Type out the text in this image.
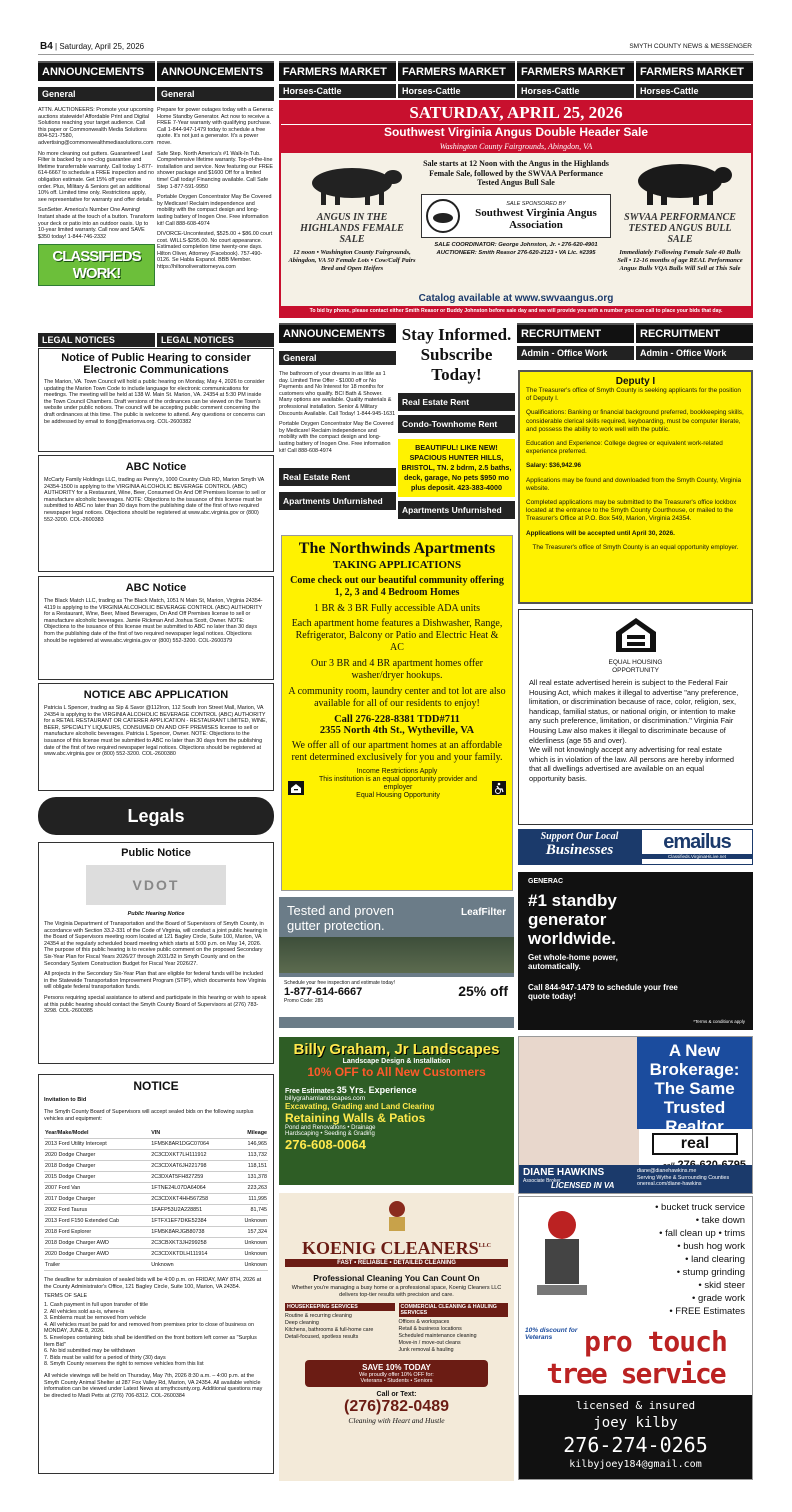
B4 | Saturday, April 25, 2026	SMYTH COUNTY NEWS & MESSENGER
ANNOUNCEMENTS
General

ATTN. AUCTIONEERS: Promote your upcoming auctions statewide! Affordable Print and Digital Solutions reaching your target audience. Call this paper or Commonwealth Media Solutions 804-521-7580, advertising@commonwealthmediasolutions.com

No more cleaning out gutters. Guaranteed! Leaf Filter is backed by a no-clog guarantee and lifetime transferrable warranty. Call today 1-877-614-6667 to schedule a FREE inspection and no obligation estimate. Get 15% off your entire order. Plus, Military & Seniors get an additional 10% off. Limited time only. Restrictions apply, see representative for warranty and offer details.

SunSetter. America's Number One Awning! Instant shade at the touch of a button. Transform your deck or patio into an outdoor oasis. Up to 10-year limited warranty. Call now and SAVE $350 today! 1-844-746-2332

CLASSIFIEDS WORK!
ANNOUNCEMENTS
General

Prepare for power outages today with a Generac Home Standby Generator. Act now to receive a FREE 7-Year warranty with qualifying purchase. Call 1-844-947-1479 today to schedule a free quote. It's not just a generator. It's a power move.

Safe Step. North America's #1 Walk-In Tub. Comprehensive lifetime warranty. Top-of-the-line installation and service. Now featuring our FREE shower package and $1600 Off for a limited time! Call today! Financing available. Call Safe Step 1-877-591-9950

Portable Oxygen Concentrator May Be Covered by Medicare! Reclaim independence and mobility with the compact design and long-lasting battery of Inogen One. Free information kit! Call 888-608-4974

DIVORCE-Uncontested, $525.00 + $86.00 court cost. WILLS-$295.00. No court appearance. Estimated completion time twenty-one days. Hilton Oliver, Attorney (Facebook). 757-490-0126. Se Habla Espanol. BBB Member. https://hiltonoliverattorneyva.com

LEGAL NOTICES	LEGAL NOTICES
Notice of Public Hearing to consider Electronic Communications
The Marion, VA. Town Council will hold a public hearing on Monday, May 4, 2026 to consider updating the Marion Town Code to include language for electronic communications for meetings. The meeting will be held at 138 W. Main St. Marion, VA. 24354 at 5:30 PM inside the Town Council Chambers. Draft versions of the ordinances can be viewed on the Town's website under public notices. The council will be accepting public comment concerning the draft ordinances at this time. The public is welcome to attend. Any questions or concerns can be addressed by email to tlong@marionva.org. COL-2600382
ABC Notice
McCarty Family Holdings LLC, trading as Penny's, 1000 Country Club RD, Marion Smyth VA 24354-1500 is applying to the VIRGINIA ALCOHOLIC BEVERAGE CONTROL (ABC) AUTHORITY for a Restaurant, Wine, Beer, Consumed On And Off Premises license to sell or manufacture alcoholic beverages. NOTE: Objections to the issuance of this license must be submitted to ABC no later than 30 days from the publishing date of the first of two required newspaper legal notices. Objections should be registered at www.abc.virginia.gov or (800) 552-3200. COL-2600383
ABC Notice
The Black Match LLC, trading as The Black Match, 1051 N Main St, Marion, Virginia 24354-4119 is applying to the VIRGINIA ALCOHOLIC BEVERAGE CONTROL (ABC) AUTHORITY for a Restaurant, Wine, Beer, Mixed Beverages, On And Off Premises license to sell or manufacture alcoholic beverages. Jamie Rickman And Joshua Scott, Owner. NOTE: Objections to the issuance of this license must be submitted to ABC no later than 30 days from the publishing date of the first of two required newspaper legal notices. Objections should be registered at www.abc.virginia.gov or (800) 552-3200. COL-2600379
NOTICE ABC APPLICATION
Patricia L Spencer, trading as Sip & Savor @112Iron, 112 South Iron Street Mall, Marion, VA 24354 is applying to the VIRGINIA ALCOHOLIC BEVERAGE CONTROL (ABC) AUTHORITY for a RETAIL RESTAURANT OR CATERER APPLICATION - RESTAURANT LIMITED, WINE, BEER, SPECIALTY LIQUEURS, CONSUMED ON AND OFF PREMISES license to sell or manufacture alcoholic beverages. Patricia L Spencer, Owner. NOTE: Objections to the issuance of this license must be submitted to ABC no later than 30 days from the publishing date of the first of two required newspaper legal notices. Objections should be registered at www.abc.virginia.gov or (800) 552-3200. COL-2600380
Legals
Public Notice
VDOT
Public Hearing Notice

The Virginia Department of Transportation and the Board of Supervisors of Smyth County, in accordance with Section 33.2-331 of the Code of Virginia, will conduct a joint public hearing in the Board of Supervisors meeting room located at 121 Bagley Circle, Suite 100, Marion, VA 24354 at the regularly scheduled board meeting which starts at 5:00 p.m. on May 14, 2026. The purpose of this public hearing is to receive public comment on the proposed Secondary Six-Year Plan for Fiscal Years 2026/27 through 2031/32 in Smyth County and on the Secondary System Construction Budget for Fiscal Year 2026/27.

All projects in the Secondary Six-Year Plan that are eligible for federal funds will be included in the Statewide Transportation Improvement Program (STIP), which documents how Virginia will obligate federal transportation funds.

Persons requiring special assistance to attend and participate in this hearing or wish to speak at this public hearing should contact the Smyth County Board of Supervisors at (276) 783-3298. COL-2600385

NOTICE
Invitation to Bid
The Smyth County Board of Supervisors will accept sealed bids on the following surplus vehicles and equipment:
Year/Make/Model	VIN	Mileage
2013 Ford Utility Intercept	1FM5K8AR1DGC07064	146,965
2020 Dodge Charger	2C3CDXKT7LH111912	113,732
2018 Dodge Charger	2C3CDXAT6JH221798	118,151
2015 Dodge Charger	2C3DXAT5FH827259	131,378
2007 Ford Van	1FTNE24L07DA64064	223,263
2017 Dodge Charger	2C3CDXKT4HH567258	111,995
2002 Ford Taurus	1FAFP53U2A228851	81,745
2013 Ford F150 Extended Cab	1FTFX1EF7DKE52384	Unknown
2018 Ford Explorer	1FM5K8ARJGB80738	157,324
2018 Dodge Charger AWD	2C3CBXKT3JH299258	Unknown
2020 Dodge Charger AWD	2C3CDXKTDLH111914	Unknown
Trailer	Unknown	Unknown
The deadline for submission of sealed bids will be 4:00 p.m. on FRIDAY, MAY 8TH, 2026 at the County Administrator's Office, 121 Bagley Circle, Suite 100, Marion, VA 24354.
TERMS OF SALE
1. Cash payment in full upon transfer of title
2. All vehicles sold as-is, where-is
3. Emblems must be removed from vehicle
4. All vehicles must be paid for and removed from premises prior to close of business on MONDAY, JUNE 8, 2026.
5. Envelopes containing bids shall be identified on the front bottom left corner as "Surplus Item Bid"
6. No bid submitted may be withdrawn
7. Bids must be valid for a period of thirty (30) days
8. Smyth County reserves the right to remove vehicles from this list
All vehicle viewings will be held on Thursday, May 7th, 2026 8:30 a.m. – 4:00 p.m. at the Smyth County Animal Shelter at 287 Fox Valley Rd, Marion, VA 24354. All available vehicle information can be viewed under Latest News at smythcounty.org. Additional questions may be directed to Madi Petts at (276) 706-8312. COL-2600384
FARMERS MARKET
Horses-Cattle
FARMERS MARKET
Horses-Cattle
FARMERS MARKET
Horses-Cattle
FARMERS MARKET
Horses-Cattle
SATURDAY, APRIL 25, 2026
Southwest Virginia Angus Double Header Sale
Washington County Fairgrounds, Abingdon, VA
ANGUS IN THE HIGHLANDS FEMALE SALE
12 noon • Washington County Fairgrounds, Abingdon, VA 50 Female Lots • Cow/Calf Pairs Bred and Open Heifers
Sale starts at 12 Noon with the Angus in the Highlands Female Sale, followed by the SWVAA Performance Tested Angus Bull Sale
SALE SPONSORED BY
Southwest Virginia Angus Association
SALE COORDINATOR: George Johnston, Jr. • 276-620-4901
AUCTIONEER: Smith Reasor 276-620-2123 • VA Lic. #2395
SWVAA PERFORMANCE TESTED ANGUS BULL SALE
Immediately Following Female Sale 40 Bulls Sell • 12-16 months of age REAL Performance Angus Bulls VQA Bulls Will Sell at This Sale
Catalog available at www.swvaangus.org
To bid by phone, please contact either Smith Reasor or Buddy Johnston before sale day and we will provide you with a number you can call to place your bids that day.
ANNOUNCEMENTS
General

The bathroom of your dreams in as little as 1 day. Limited Time Offer - $1000 off or No Payments and No Interest for 18 months for customers who qualify. BCI Bath & Shower. Many options are available. Quality materials & professional installation. Senior & Military Discounts Available. Call Today! 1-844-945-1631

Portable Oxygen Concentrator May Be Covered by Medicare! Reclaim independence and mobility with the compact design and long-lasting battery of Inogen One. Free information kit! Call 888-608-4974

Real Estate Rent
Apartments Unfurnished
Stay Informed. Subscribe Today!
Real Estate Rent
Condo-Townhome Rent
BEAUTIFUL! LIKE NEW! SPACIOUS HUNTER HILLS, BRISTOL, TN. 2 bdrm, 2.5 baths, deck, garage, No pets $950 mo plus deposit. 423-383-4000
Apartments Unfurnished
The Northwinds Apartments
TAKING APPLICATIONS
Come check out our beautiful community offering 1, 2, 3 and 4 Bedroom Homes
1 BR & 3 BR Fully accessible ADA units
Each apartment home features a Dishwasher, Range, Refrigerator, Balcony or Patio and Electric Heat & AC
Our 3 BR and 4 BR apartment homes offer washer/dryer hookups.
A community room, laundry center and tot lot are also available for all of our residents to enjoy!
Call 276-228-8381 TDD#711
2355 North 4th St., Wytheville, VA
We offer all of our apartment homes at an affordable rent determined exclusively for you and your family.
Income Restrictions Apply
This institution is an equal opportunity provider and employer
Equal Housing Opportunity
RECRUITMENT
Admin - Office Work
RECRUITMENT
Admin - Office Work
Deputy I

The Treasurer's office of Smyth County is seeking applicants for the position of Deputy I.

Qualifications: Banking or financial background preferred, bookkeeping skills, considerable clerical skills required, keyboarding, must be computer literate, and possess the ability to work well with the public.

Education and Experience: College degree or equivalent work-related experience preferred.

Salary: $36,942.96

Applications may be found and downloaded from the Smyth County, Virginia website.

Completed applications may be submitted to the Treasurer's office lockbox located at the entrance to the Smyth County Courthouse, or mailed to the Treasurer's Office at P.O. Box 549, Marion, Virginia 24354.

Applications will be accepted until April 30, 2026.

The Treasurer's office of Smyth County is an equal opportunity employer.

EQUAL HOUSING OPPORTUNITY

All real estate advertised herein is subject to the Federal Fair Housing Act, which makes it illegal to advertise "any preference, limitation, or discrimination because of race, color, religion, sex, handicap, familial status, or national origin, or intention to make any such preference, limitation, or discrimination." Virginia Fair Housing Law also makes it illegal to discriminate because of elderliness (age 55 and over).

We will not knowingly accept any advertising for real estate which is in violation of the law. All persons are hereby informed that all dwellings advertised are available on an equal opportunity basis.

Support Our Local
Businesses	emailus
Classifieds.VirginiaHiLive.net
Tested and proven gutter protection.
LeafFilter
Schedule your free inspection and estimate today!
1-877-614-6667
Promo Code: 285
25% off
GENERAC
#1 standby generator worldwide.
Get whole-home power, automatically.
Call 844-947-1479 to schedule your free quote today!
*Terms & conditions apply
Billy Graham, Jr Landscapes
Landscape Design & Installation
10% OFF to All New Customers
Free Estimates 35 Yrs. Experience
billygrahamlandscapes.com
Excavating, Grading and Land Clearing
Retaining Walls & Patios
Pond and Renovations • Drainage
Hardscaping • Seeding & Grading
276-608-0064
A New Brokerage: The Same Trusted Realtor
real
DIANE HAWKINS
Associate Broker
LICENSED IN VA
diane@dianehawkins.me
Serving Wythe & Surrounding Counties
onereal.com/diane-hawkins
KOENIG $CLEANERS^{LLC}$
FAST • RELIABLE • DETAILED CLEANING
Professional Cleaning You Can Count On
Whether you're managing a busy home or a professional space, Koenig Cleaners LLC delivers top-tier results with precision and care.
HOUSEKEEPING SERVICES
Routine & recurring cleaning
Deep cleaning
Kitchens, bathrooms & full-home care
Detail-focused, spotless results
COMMERCIAL CLEANING & HAULING SERVICES
Offices & workspaces
Retail & business locations
Scheduled maintenance cleaning
Move-in / move-out cleans
Junk removal & hauling
SAVE 10% TODAY
We proudly offer 10% OFF for:
Veterans • Students • Seniors
Call or Text:
(276)782-0489
Cleaning with Heart and Hustle
• bucket truck service
• take down
• fall clean up • trims
• bush hog work
• land clearing
• stump grinding
• skid steer
• grade work
• FREE Estimates
10% discount for Veterans	pro touch
tree service
licensed & insured
joey kilby
276-274-0265
kilbyjoey184@gmail.com
